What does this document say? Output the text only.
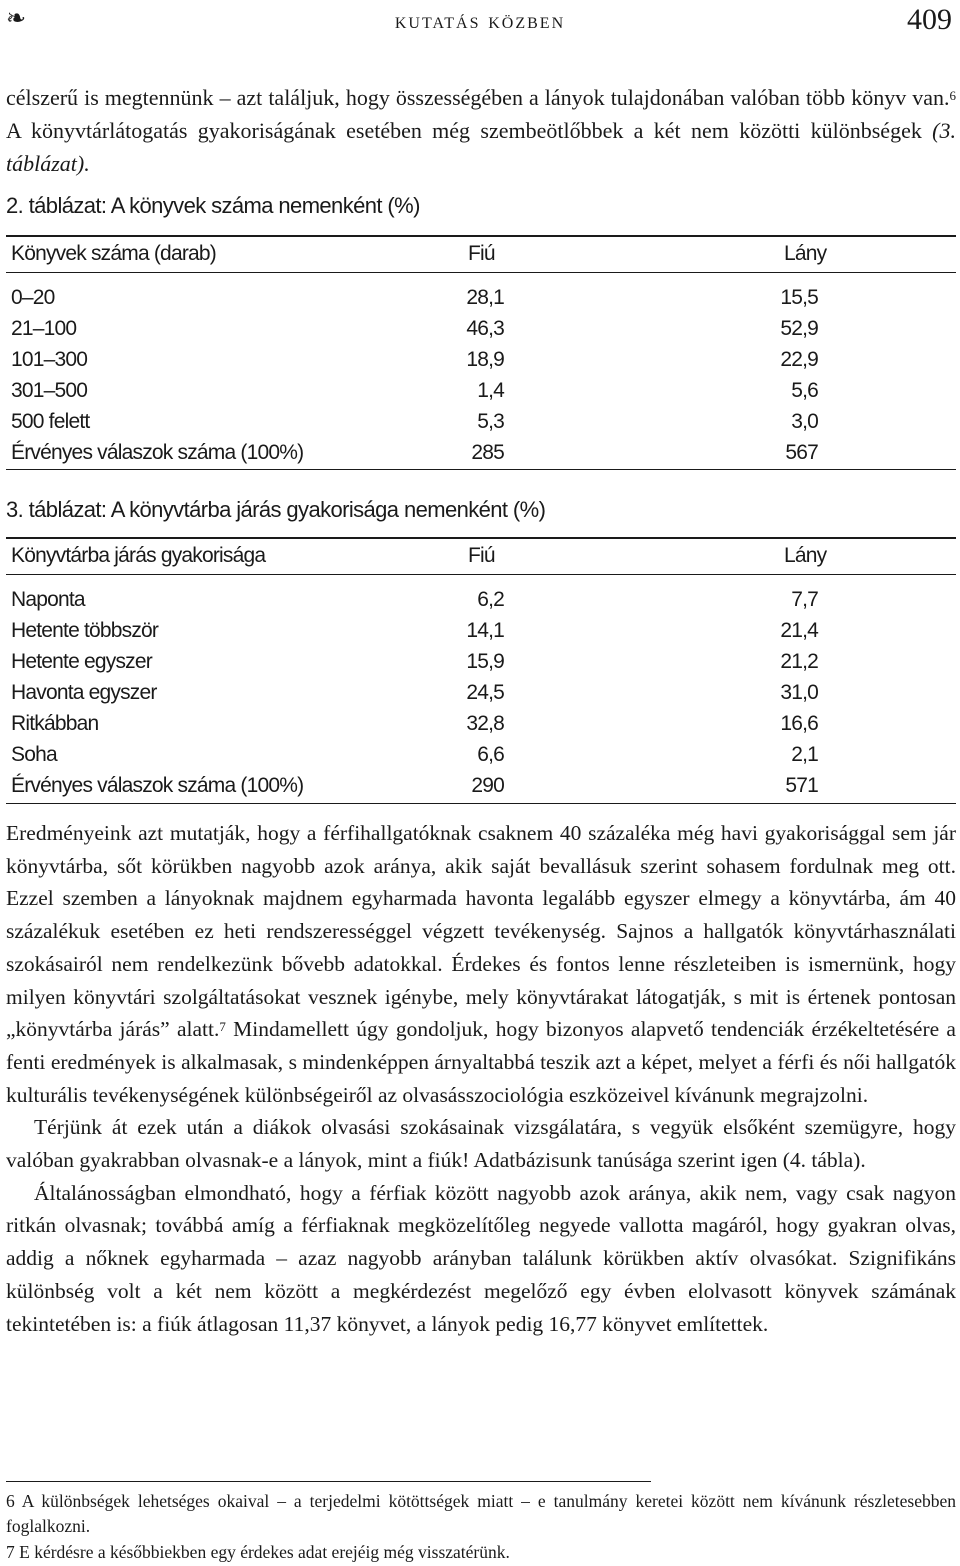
❧	kutatás közben	409

célszerű is megtennünk – azt találjuk, hogy összességében a lányok tulajdonában valóban több könyv van.$^6$ A könyvtárlátogatás gyakoriságának esetében még szembeötlőbbek a két nem közötti különbségek (3. táblázat).

2. táblázat: A könyvek száma nemenként (%)
Könyvek száma (darab)	Fiú	Lány
0–20	28,1	15,5
21–100	46,3	52,9
101–300	18,9	22,9
301–500	1,4	5,6
500 felett	5,3	3,0
Érvényes válaszok száma (100%)	285	567
3. táblázat: A könyvtárba járás gyakorisága nemenként (%)
Könyvtárba járás gyakorisága	Fiú	Lány
Naponta	6,2	7,7
Hetente többször	14,1	21,4
Hetente egyszer	15,9	21,2
Havonta egyszer	24,5	31,0
Ritkábban	32,8	16,6
Soha	6,6	2,1
Érvényes válaszok száma (100%)	290	571

Eredményeink azt mutatják, hogy a férfihallgatóknak csaknem 40 százaléka még havi gyakorisággal sem jár könyvtárba, sőt körükben nagyobb azok aránya, akik saját bevallásuk szerint sohasem fordulnak meg ott. Ezzel szemben a lányoknak majdnem egyharmada havonta legalább egyszer elmegy a könyvtárba, ám 40 százalékuk esetében ez heti rendszerességgel végzett tevékenység. Sajnos a hallgatók könyvtárhasználati szokásairól nem rendelkezünk bővebb adatokkal. Érdekes és fontos lenne részleteiben is ismernünk, hogy milyen könyvtári szolgáltatásokat vesznek igénybe, mely könyvtárakat látogatják, s mit is értenek pontosan „könyvtárba járás” alatt.$^7$ Mindamellett úgy gondoljuk, hogy bizonyos alapvető tendenciák érzékeltetésére a fenti eredmények is alkalmasak, s mindenképpen árnyaltabbá teszik azt a képet, melyet a férfi és női hallgatók kulturális tevékenységének különbségeiről az olvasásszociológia eszközeivel kívánunk megrajzolni.

Térjünk át ezek után a diákok olvasási szokásainak vizsgálatára, s vegyük elsőként szemügyre, hogy valóban gyakrabban olvasnak-e a lányok, mint a fiúk! Adatbázisunk tanúsága szerint igen (4. tábla).

Általánosságban elmondható, hogy a férfiak között nagyobb azok aránya, akik nem, vagy csak nagyon ritkán olvasnak; továbbá amíg a férfiaknak megközelítőleg negyede vallotta magáról, hogy gyakran olvas, addig a nőknek egyharmada – azaz nagyobb arányban találunk körükben aktív olvasókat. Szignifikáns különbség volt a két nem között a megkérdezést megelőző egy évben elolvasott könyvek számának tekintetében is: a fiúk átlagosan 11,37 könyvet, a lányok pedig 16,77 könyvet említettek.

6 A különbségek lehetséges okaival – a terjedelmi kötöttségek miatt – e tanulmány keretei között nem kívánunk részletesebben foglalkozni.

7 E kérdésre a későbbiekben egy érdekes adat erejéig még visszatérünk.
